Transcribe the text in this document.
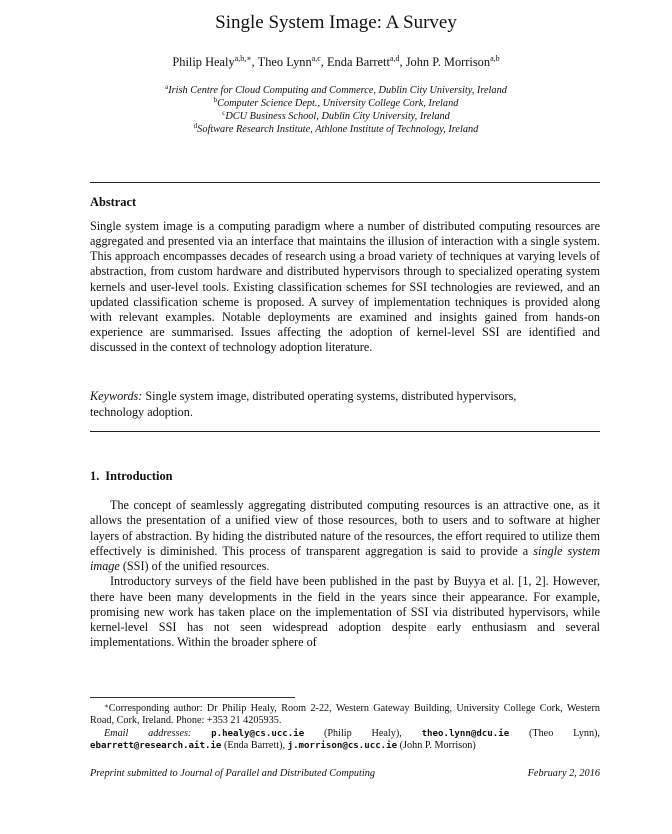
Single System Image: A Survey
Philip Healy$^{a,b,∗}$, Theo Lynn$^{a,c}$, Enda Barrett$^{a,d}$, John P. Morrison$^{a,b}$
$^a$Irish Centre for Cloud Computing and Commerce, Dublin City University, Ireland
$^b$Computer Science Dept., University College Cork, Ireland
$^c$DCU Business School, Dublin City University, Ireland
$^d$Software Research Institute, Athlone Institute of Technology, Ireland
Abstract
Single system image is a computing paradigm where a number of distributed computing resources are aggregated and presented via an interface that maintains the illusion of interaction with a single system. This approach encompasses decades of research using a broad variety of techniques at varying levels of abstraction, from custom hardware and distributed hypervisors through to specialized operating system kernels and user-level tools. Existing classification schemes for SSI technologies are reviewed, and an updated classification scheme is proposed. A survey of implementation techniques is provided along with relevant examples. Notable deployments are examined and insights gained from hands-on experience are summarised. Issues affecting the adoption of kernel-level SSI are identified and discussed in the context of technology adoption literature.
Keywords: Single system image, distributed operating systems, distributed hypervisors, technology adoption.
1. Introduction

The concept of seamlessly aggregating distributed computing resources is an attractive one, as it allows the presentation of a unified view of those resources, both to users and to software at higher layers of abstraction. By hiding the distributed nature of the resources, the effort required to utilize them effectively is diminished. This process of transparent aggregation is said to provide a single system image (SSI) of the unified resources.

Introductory surveys of the field have been published in the past by Buyya et al. [1, 2]. However, there have been many developments in the field in the years since their appearance. For example, promising new work has taken place on the implementation of SSI via distributed hypervisors, while kernel-level SSI has not seen widespread adoption despite early enthusiasm and several implementations. Within the broader sphere of

∗Corresponding author: Dr Philip Healy, Room 2-22, Western Gateway Building, University College Cork, Western Road, Cork, Ireland. Phone: +353 21 4205935.

Email addresses: p.healy@cs.ucc.ie (Philip Healy), theo.lynn@dcu.ie (Theo Lynn), ebarrett@research.ait.ie (Enda Barrett), j.morrison@cs.ucc.ie (John P. Morrison)

Preprint submitted to Journal of Parallel and Distributed Computing	February 2, 2016
